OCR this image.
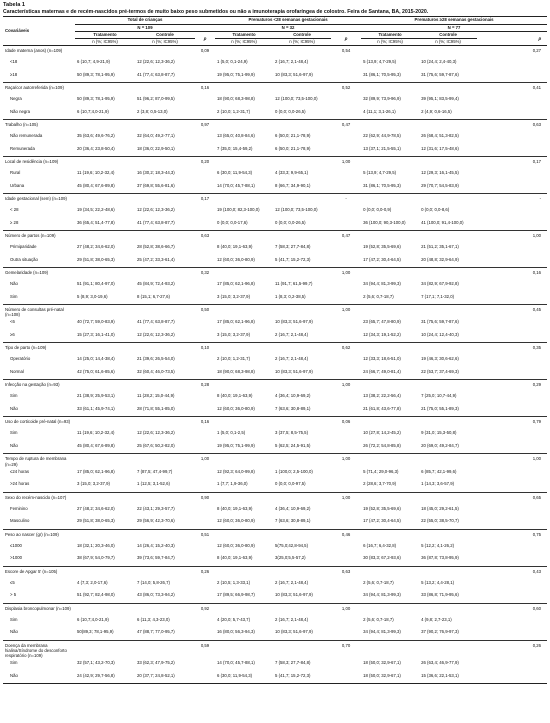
Tabela 1
Características maternas e de recém-nascidos pré-termos de muito baixo peso submetidos ou não a imunoterapia orofaríngea de colostro. Feira de Santana, BA, 2015-2020.
Covariáveis	Total de crianças			Prematuros <28 semanas gestacionais			Prematuros ≥28 semanas gestacionais		
	N = 109			N = 32			N = 77		
	Tratamento	Controle	p	Tratamento	Controle	p	Tratamento	Controle	p
	n (%; IC95%)	n (%; IC95%)		n (%; IC95%)	n (%; IC95%)		n (%; IC95%)	n (%; IC95%)	
Idade materna (anos) (n=109)			0,09			0,54			0,27
<18	6 (10,7; 4,9-21,9)	12 (22,6; 12,3-36,2)		1 (5,0; 0,1-24,9)	2 (16,7; 2,1-48,4)		5 (13,9; 4,7-29,5)	10 (24,4; 2,4-40,3)	
≥18	50 (89,3; 78,1-95,9)	41 (77,4; 63,8-87,7)		19 (95,0; 75,1-99,9)	10 (83,3; 51,6-97,9)		31 (86,1; 70,5-95,3)	31 (75,6; 59,7-87,6)	
Raça/cor autorreferida (n=109)			0,16			0,52			0,41
Negra	50 (89,3; 78,1-95,9)	51 (96,2; 87,0-99,5)		18 (90,0; 68,3-98,8)	12 (100,0; 73,5-100,0)		32 (89,9; 73,9-96,9)	39 (95,1; 83,5-99,4)	
Não negra	6 (10,7;4,0-21,9)	2 (3,8; 0,5-13,0)		2 (10,0; 1,2-31,7)	0 (0,0; 0,0-26,5)		4 (11,1; 3,1-26,1)	2 (4,9; 0,6-16,5)	
Trabalho (n=105)			0,97			0,47			0,63
Não remunerada	35 (63,6; 49,6-76,2)	32 (64,0; 49,2-77,1)		13 (65,0; 40,8-84,6)	6 (50,0; 21,1-78,9)		22 (62,9; 44,9-78,5)	26 (68,4; 51,3-82,5)	
Remunerada	20 (36,4; 23,8-50,4)	18 (36,0; 22,9-50,1)		7 (35,0; 15,4-59,2)	6 (50,0; 21,1-78,9)		13 (37,1; 21,5-55,1)	12 (31,6; 17,5-48,6)	
Local de residência (n=109)			0,20			1,00			0,17
Rural	11 (19,6; 10,2-32,4)	16 (30,2; 18,3-44,3)		6 (30,0; 11,9-54,3)	4 (33,3; 9,9-65,1)		5 (13,9; 4,7-29,5)	12 (29,3; 16,1-45,5)	
Urbana	45 (80,4; 67,6-89,8)	37 (69,8; 55,6-81,6)		14 (70,0; 45,7-88,1)	8 (66,7; 34,9-90,1)		31 (86,1; 70,5-95,3)	29 (70,7; 54,5-83,9)	
Idade gestacional (sem) (n=109)			0,17			-			-
< 28	19 (34,5; 22,2-48,6)	12 (22,6; 12,3-36,2)		19 (100,0; 82,3-100,0)	12 (100,0; 73,5-100,0)		0 (0,0; 0,0-0,9)	0 (0,0; 0,0-8,6)	
≥ 28	36 (65,4; 51,4-77,8)	41 (77,4; 63,8-87,7)		0 (0,0; 0,0-17,6)	0 (0,0; 0,0-26,5)		36 (100,0; 90,3-100,0)	41 (100,0; 91,4-100,0)	
Número de partos (n=109)			0,63			0,47			1,00
Primiparidade	27 (48,2; 34,6-62,0)	28 (52,8; 38,6-66,7)		8 (40,0; 19,1-63,9)	7 (58,3; 27,7-84,8)		19 (52,8; 35,5-69,6)	21 (51,2; 35,1-67,1)	
Outra situação	29 (51,8; 38,0-65,3)	25 (47,2; 33,3-61,4)		12 (60,0; 36,0-80,9)	5 (41,7; 15,2-72,3)		17 (47,2; 30,4-64,5)	20 (48,8; 32,9-64,9)	
Gemelaridade (n=109)			0,32			1,00			0,16
Não	51 (91,1; 80,4-97,0)	45 (84,9; 72,4-93,2)		17 (85,0; 62,1-96,8)	11 (91,7; 61,5-99,7)		34 (94,4; 81,3-99,3)	34 (82,9; 67,9-92,8)	
Sim	5 (8,9; 3,0-19,6)	8 (15,1; 6,7-27,6)		3 (15,0; 3,2-37,9)	1 (8,3; 0,2-38,5)		2 (5,6; 0,7-18,7)	7 (17,1; 7,1-32,0)	
Número de consultas pré-natal (n=108)			0,50			1,00			0,45
<6	40 (72,7; 59,0-83,9)	41 (77,4; 63,8-87,7)		17 (85,0; 62,1-96,8)	10 (83,3; 51,6-97,9)		23 (65,7; 47,8-80,9)	31 (75,6; 59,7-87,6)	
≥6	15 (27,3; 16,1-41,0)	12 (22,6; 12,3-36,2)		3 (15,0; 3,2-37,9)	2 (16,7; 2,1-48,4)		12 (34,3; 19,1-52,2)	10 (24,4; 12,4-40,3)	
Tipo de parto (n=109)			0,10			0,62			0,35
Operatório	14 (25,0; 14,4-38,4)	21 (39,6; 26,5-54,0)		2 (10,0; 1,2-31,7)	2 (16,7; 2,1-48,4)		12 (33,3; 18,6-51,0)	19 (46,3; 30,6-62,6)	
Normal	42 (75,0; 61,6-85,6)	32 (60,4; 46,0-73,5)		18 (90,0; 68,3-98,8)	10 (83,3; 51,6-97,9)		24 (66,7; 49,0-81,4)	22 (53,7; 37,4-69,3)	
Infecção na gestação (n=93)			0,28			1,00			0,29
Sim	21 (38,9; 25,9-53,1)	11 (28,2; 15,0-44,9)		8 (40,0; 19,1-63,9)	4 (36,4; 10,9-69,2)		13 (38,2; 22,2-56,4)	7 (25,0; 10,7-44,9)	
Não	33 (61,1; 45,9-74,1)	28 (71,8; 55,1-85,0)		12 (60,0; 36,0-80,9)	7 (63,6; 30,8-89,1)		21 (61,8; 43,6-77,8)	21 (75,0; 55,1-89,3)	
Uso de corticoide pré-natal (n=93)			0,16			0,06			0,79
Sim	11 (19,6; 10,2-32,4)	12 (22,6; 12,3-36,2)		1 (5,0; 0,1-2,5)	3 (37,5; 8,5-75,5)		10 (27,8; 14,2-45,2)	9 (31,0; 15,3-50,8)	
Não	45 (80,4; 67,6-89,8)	25 (67,6; 50,2-82,0)		19 (95,0; 75,1-99,9)	5 (62,5; 24,5-91,5)		26 (72,2; 54,8-85,8)	20 (69,0; 49,2-84,7)	
Tempo de ruptura de membrana (n=29)			1,00			1,00			1,00
≤24 horas	17 (85,0; 62,1-96,8)	7 (87,5; 47,4-99,7)		12 (92,3; 64,0-99,8)	1 (100,0; 2,5-100,0)		5 (71,4; 29,0-96,3)	6 (85,7; 42,1-99,6)	
>24 horas	3 (15,0; 3,2-37,9)	1 (12,5; 3,1-52,6)		1 (7,7; 1,9-36,0)	0 (0,0; 0,0-97,5)		2 (28,6; 3,7-70,9)	1 (14,3; 3,6-57,9)	
Sexo do recém-nascido (n=107)			0,90			1,00			0,65
Feminino	27 (48,2; 34,6-62,0)	22 (43,1; 29,3-57,7)		8 (40,0; 19,1-63,9)	4 (36,4; 10,9-69,2)		19 (52,8; 35,5-69,6)	18 (45,0; 29,2-61,5)	
Masculino	29 (51,8; 38,0-65,3)	29 (56,9; 42,3-70,6)		12 (60,0; 36,0-80,9)	7 (63,6; 30,8-89,1)		17 (47,2; 30,4-64,5)	22 (55,0; 38,5-70,7)	
Peso ao nascer (gr) (n=109)			0,51			0,46			0,75
≤1000	18 (32,1; 20,3-46,0)	14 (26,4; 15,2-40,3)		12 (60,0; 36,0-80,9)	5(75,0;42,8-94,5)		6 (16,7; 6,4-32,8)	5 (12,2; 4,1-26,2)	
>1000	38 (67,9; 54,0-79,7)	39 (73,6; 59,7-84,7)		8 (40,0; 19,1-63,9)	3(25,0;5,5-57,2)		30 (83,3; 67,2-93,6)	36 (87,8; 73,8-95,9)	
Escore de Apgar 5' (n=105)			0,26			0,63			0,43
≤5	4 (7,3; 2,0-17,6)	7 (14,0; 5,8-26,7)		2 (10,5; 1,3-33,1)	2 (16,7; 2,1-48,4)		2 (5,6; 0,7-18,7)	5 (13,2; 4,4-28,1)	
> 5	51 (92,7; 82,4-98,0)	43 (86,0; 73,3-94,2)		17 (89,5; 66,9-98,7)	10 (83,3; 51,6-97,9)		34 (94,4; 81,3-99,3)	33 (86,8; 71,9-95,6)	
Displasia broncopulmonar (n=109)			0,92			1,00			0,60
Sim	6 (10,7;4,0-21,9)	6 (11,3; 4,3-23,0)		4 (20,0; 5,7-43,7)	2 (16,7; 2,1-48,4)		2 (5,6; 0,7-18,7)	4 (9,8; 2,7-23,1)	
Não	50(89,3; 78,1-95,9)	47 (88,7; 77,0-95,7)		16 (80,0; 56,3-94,3)	10 (83,3; 51,6-97,9)		34 (94,4; 81,3-99,3)	37 (90,2; 76,9-97,3)	
Doença da membrana hialina/Síndrome do desconforto respiratório (n=109)			0,59			0,70			0,26
Sim	32 (57,1; 43,2-70,3)	33 (62,3; 47,9-75,2)		14 (70,0; 45,7-88,1)	7 (58,3; 27,7-84,8)		18 (50,0; 32,9-67,1)	26 (63,4; 46,9-77,9)	
Não	24 (42,9; 29,7-56,8)	20 (37,7; 24,8-52,1)		6 (30,0; 11,9-54,3)	5 (41,7; 15,2-72,3)		18 (50,0; 32,9-67,1)	15 (36,6; 22,1-53,1)	
